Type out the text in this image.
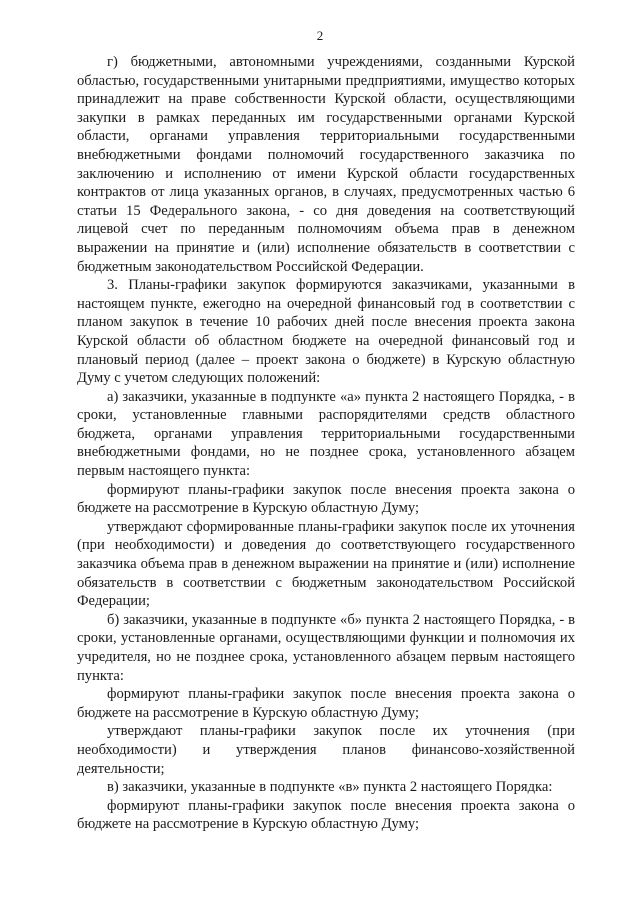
2

г) бюджетными, автономными учреждениями, созданными Курской областью, государственными унитарными предприятиями, имущество которых принадлежит на праве собственности Курской области, осуществляющими закупки в рамках переданных им государственными органами Курской области, органами управления территориальными государственными внебюджетными фондами полномочий государственного заказчика по заключению и исполнению от имени Курской области государственных контрактов от лица указанных органов, в случаях, предусмотренных частью 6 статьи 15 Федерального закона, - со дня доведения на соответствующий лицевой счет по переданным полномочиям объема прав в денежном выражении на принятие и (или) исполнение обязательств в соответствии с бюджетным законодательством Российской Федерации.

3. Планы-графики закупок формируются заказчиками, указанными в настоящем пункте, ежегодно на очередной финансовый год в соответствии с планом закупок в течение 10 рабочих дней после внесения проекта закона Курской области об областном бюджете на очередной финансовый год и плановый период (далее – проект закона о бюджете) в Курскую областную Думу с учетом следующих положений:

а) заказчики, указанные в подпункте «а» пункта 2 настоящего Порядка, - в сроки, установленные главными распорядителями средств областного бюджета, органами управления территориальными государственными внебюджетными фондами, но не позднее срока, установленного абзацем первым настоящего пункта:

формируют планы-графики закупок после внесения проекта закона о бюджете на рассмотрение в Курскую областную Думу;

утверждают сформированные планы-графики закупок после их уточнения (при необходимости) и доведения до соответствующего государственного заказчика объема прав в денежном выражении на принятие и (или) исполнение обязательств в соответствии с бюджетным законодательством Российской Федерации;

б) заказчики, указанные в подпункте «б» пункта 2 настоящего Порядка, - в сроки, установленные органами, осуществляющими функции и полномочия их учредителя, но не позднее срока, установленного абзацем первым настоящего пункта:

формируют планы-графики закупок после внесения проекта закона о бюджете на рассмотрение в Курскую областную Думу;

утверждают планы-графики закупок после их уточнения (при необходимости) и утверждения планов финансово-хозяйственной деятельности;

в) заказчики, указанные в подпункте «в» пункта 2 настоящего Порядка:

формируют планы-графики закупок после внесения проекта закона о бюджете на рассмотрение в Курскую областную Думу;
